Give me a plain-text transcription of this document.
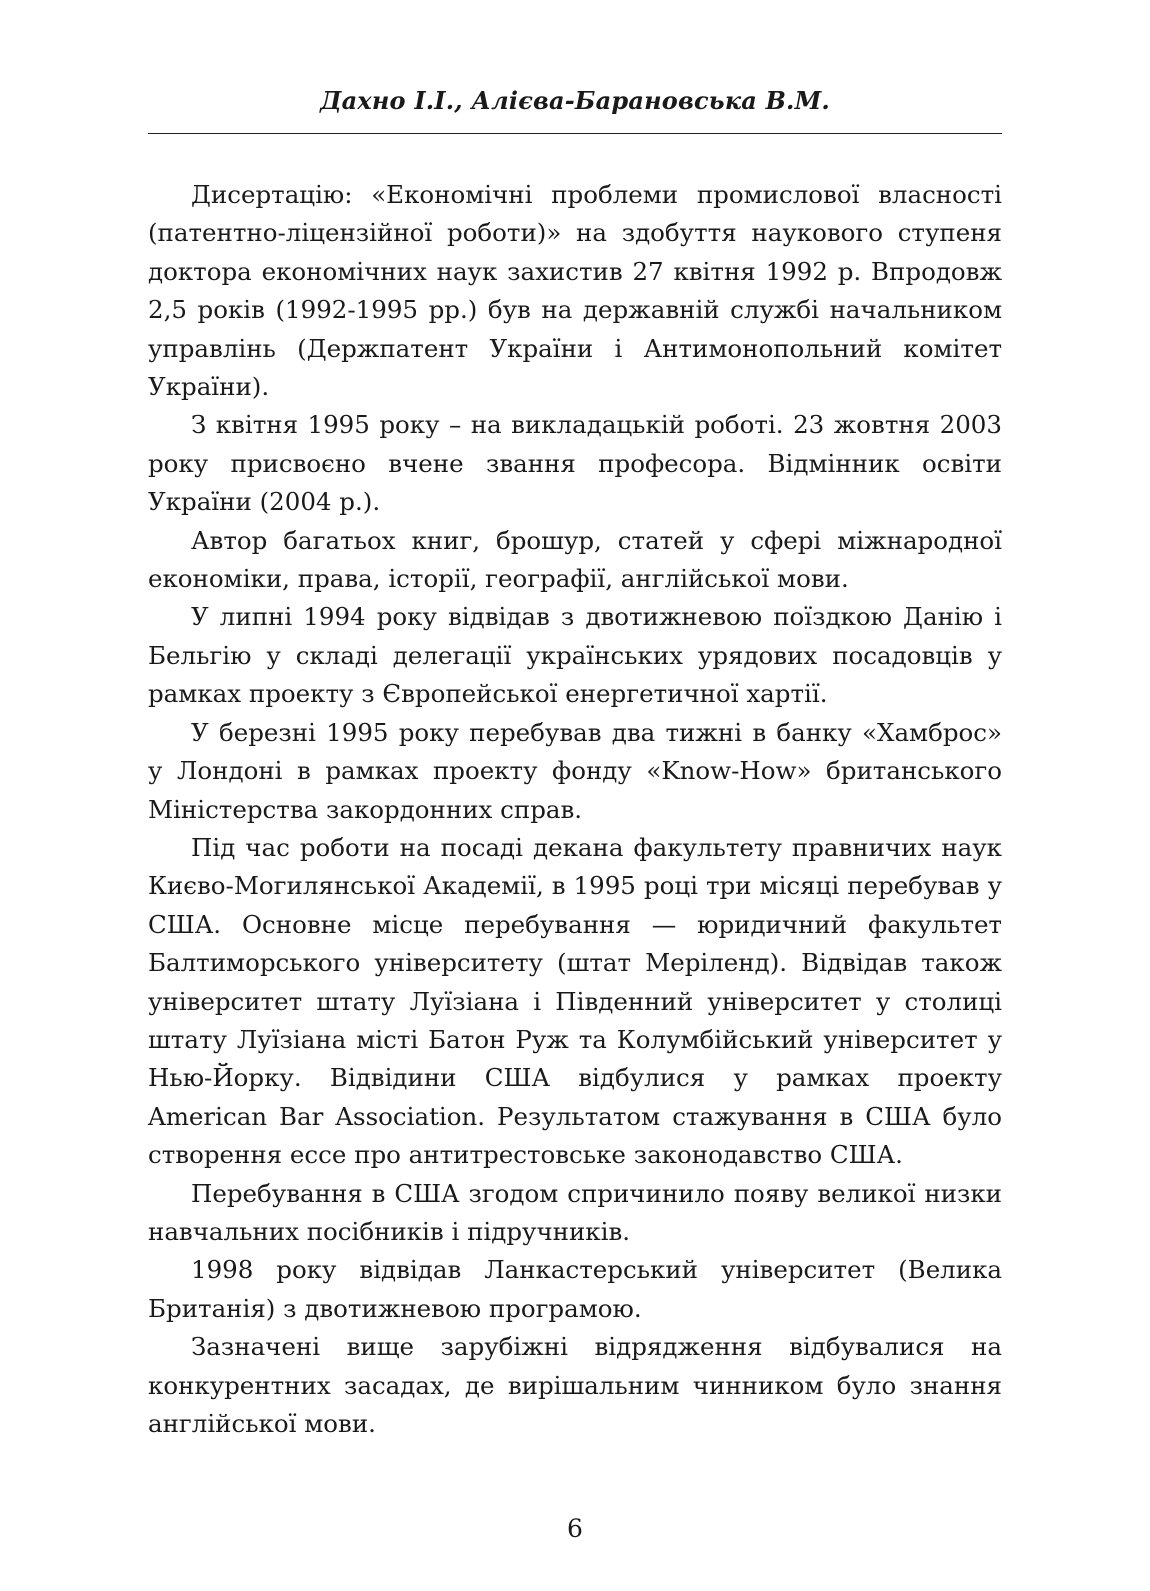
Дахно І.І., Алієва-Барановська В.М.

Дисертацію: «Економічні проблеми промислової власності (патентно-ліцензійної роботи)» на здобуття наукового ступеня доктора економічних наук захистив 27 квітня 1992 р. Впродовж 2,5 років (1992-1995 рр.) був на державній службі начальником управлінь (Держпатент України і Антимонопольний комітет України).

З квітня 1995 року – на викладацькій роботі. 23 жовтня 2003 року присвоєно вчене звання професора. Відмінник освіти України (2004 р.).

Автор багатьох книг, брошур, статей у сфері міжнародної економіки, права, історії, географії, англійської мови.

У липні 1994 року відвідав з двотижневою поїздкою Данію і Бельгію у складі делегації українських урядових посадовців у рамках проекту з Європейської енергетичної хартії.

У березні 1995 року перебував два тижні в банку «Хамброс» у Лондоні в рамках проекту фонду «Know-How» британського Міністерства закордонних справ.

Під час роботи на посаді декана факультету правничих наук Києво-Могилянської Академії, в 1995 році три місяці перебував у США. Основне місце перебування — юридичний факультет Балтиморського університету (штат Меріленд). Відвідав також університет штату Луїзіана і Південний університет у столиці штату Луїзіана місті Батон Руж та Колумбійський університет у Нью-Йорку. Відвідини США відбулися у рамках проекту American Bar Association. Результатом стажування в США було створення ессе про антитрестовське законодавство США.

Перебування в США згодом спричинило появу великої низки навчальних посібників і підручників.

1998 року відвідав Ланкастерський університет (Велика Британія) з двотижневою програмою.

Зазначені вище зарубіжні відрядження відбувалися на конкурентних засадах, де вирішальним чинником було знання англійської мови.

6
